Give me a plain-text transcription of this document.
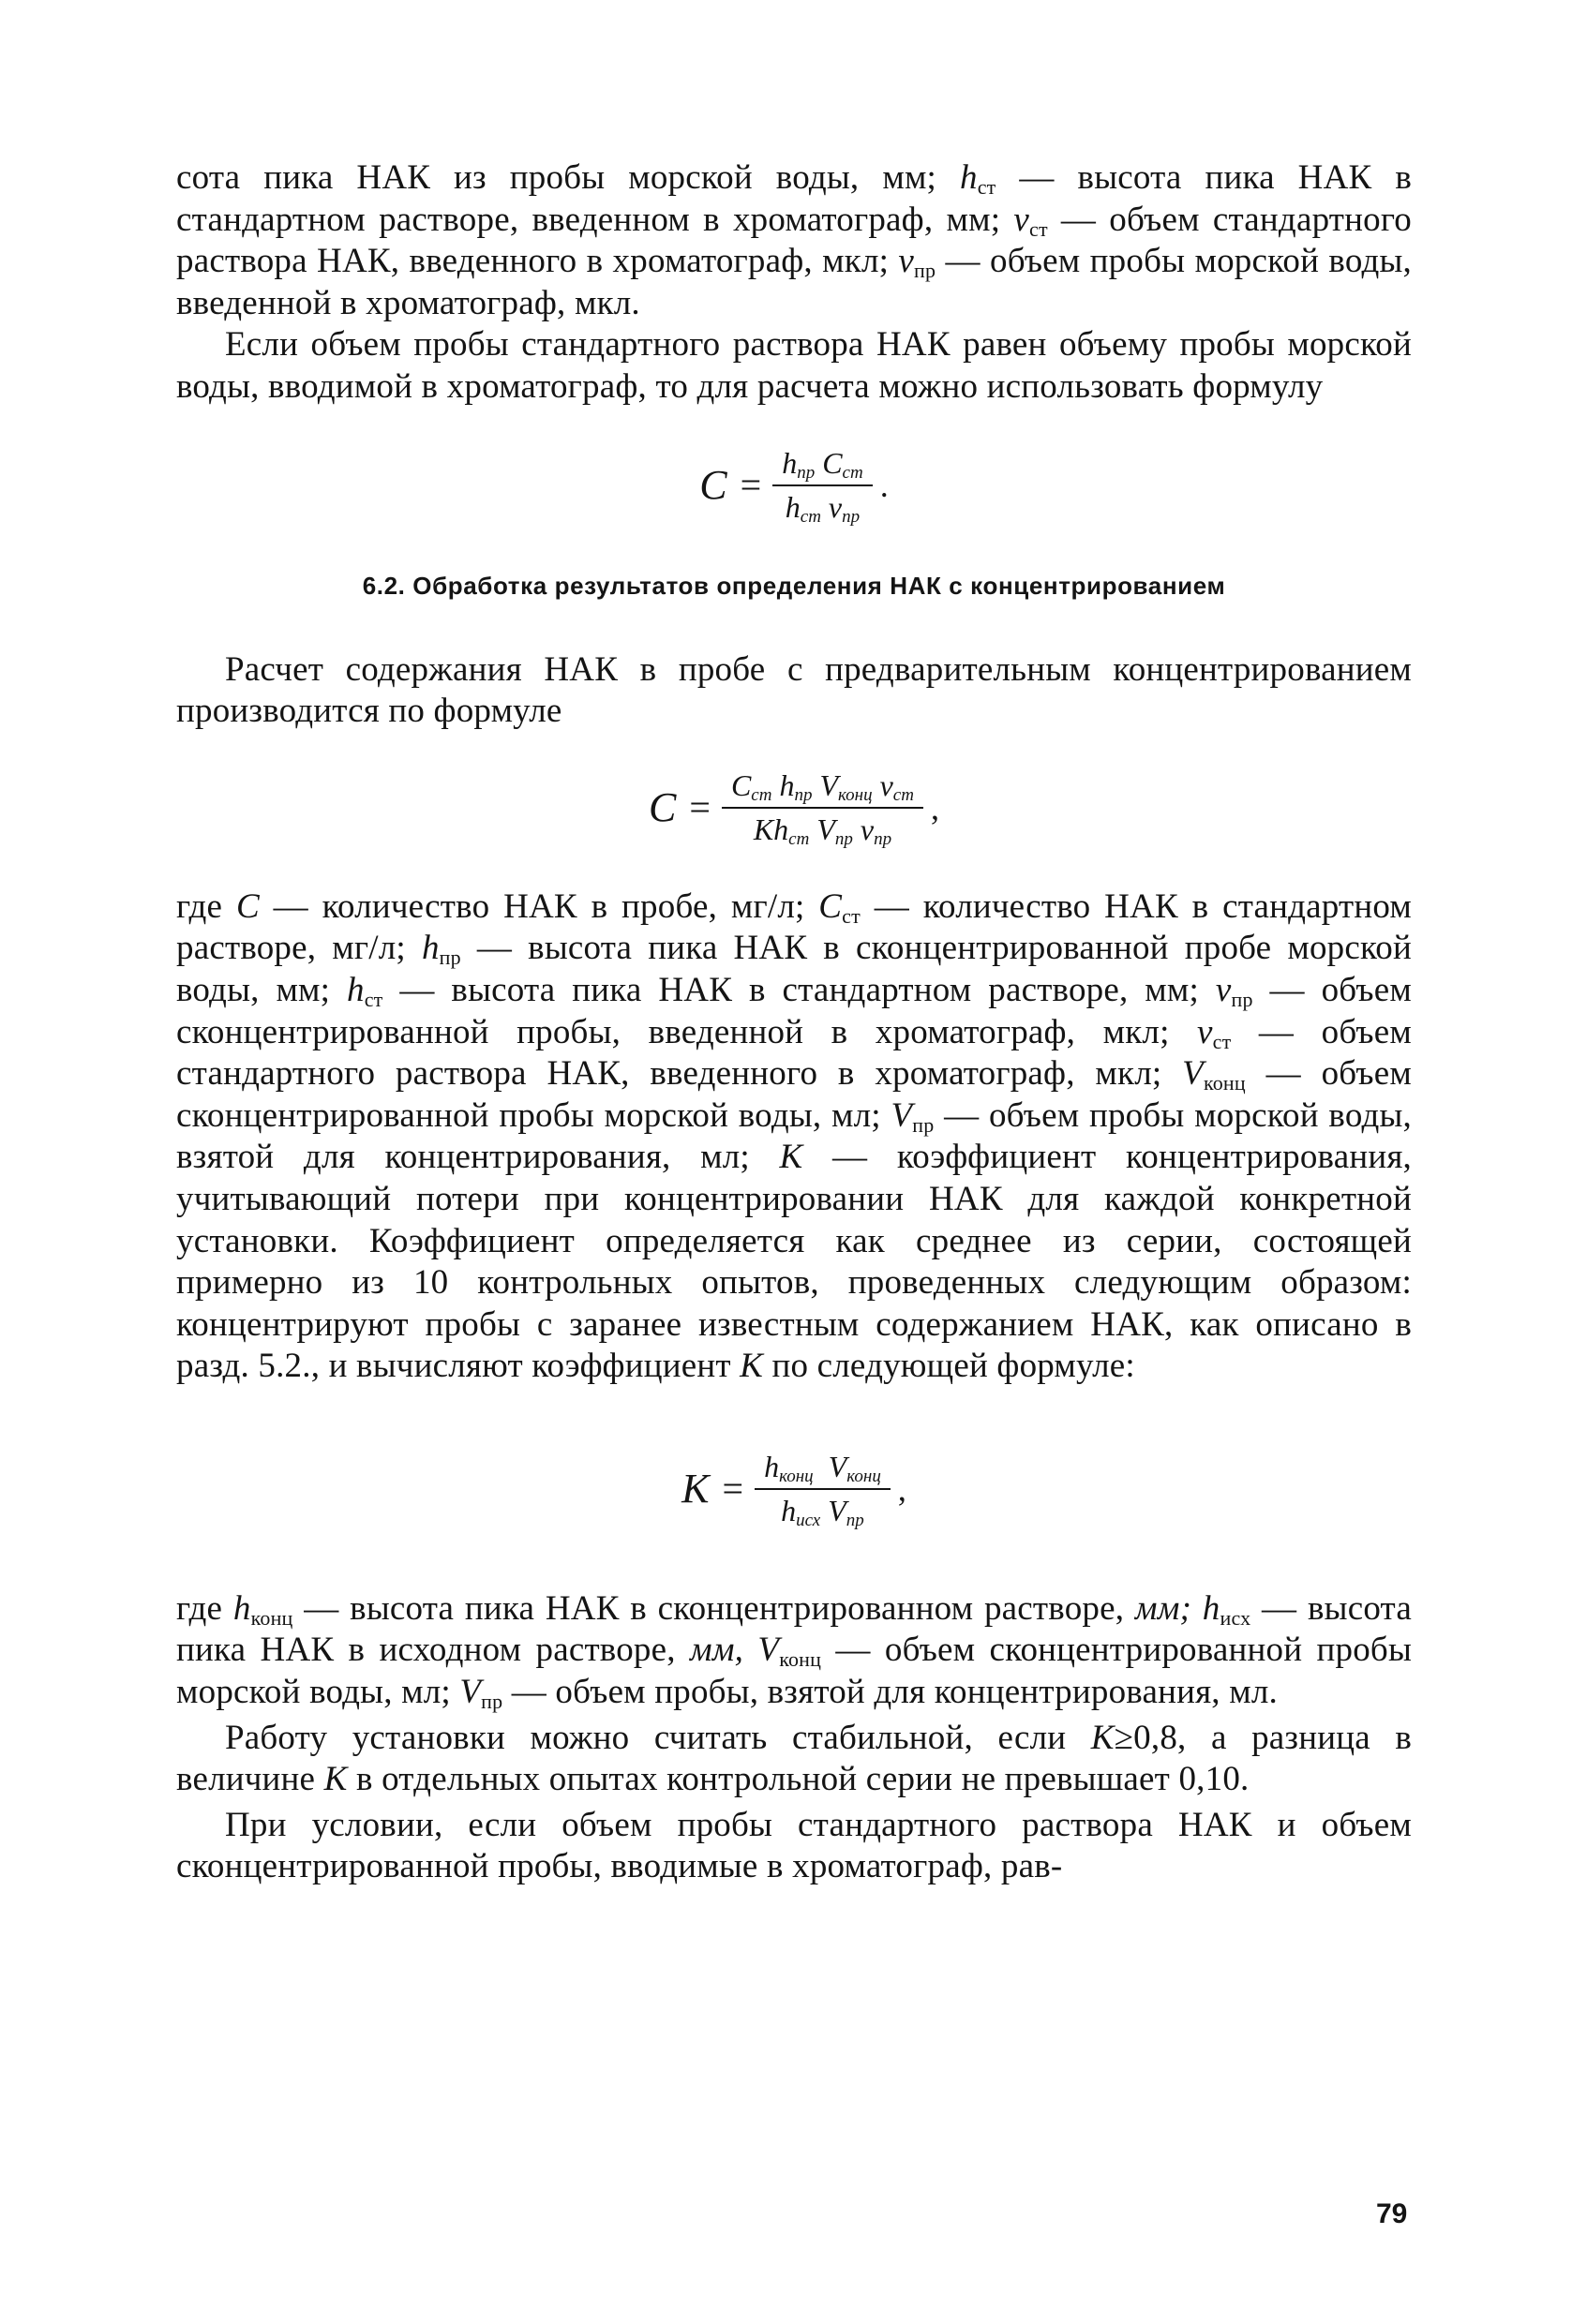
сота пика НАК из пробы морской воды, мм; $h_{ст}$ — высота пика НАК в стандартном растворе, введенном в хроматограф, мм; $v_{ст}$ — объем стандартного раствора НАК, введенного в хроматограф, мкл; $v_{пр}$ — объем пробы морской воды, введенной в хроматограф, мкл.

Если объем пробы стандартного раствора НАК равен объему пробы морской воды, вводимой в хроматограф, то для расчета можно использовать формулу

$C = \frac{h_{пр} C_{ст}}{h_{ст} v_{пр}}$ .

6.2. Обработка результатов определения НАК с концентрированием

Расчет содержания НАК в пробе с предварительным концентрированием производится по формуле

$C = \frac{C_{ст} h_{пр} V_{конц} v_{ст}}{Kh_{ст} V_{пр} v_{пр}}$ ,

где C — количество НАК в пробе, мг/л; $C_{ст}$ — количество НАК в стандартном растворе, мг/л; $h_{пр}$ — высота пика НАК в сконцентрированной пробе морской воды, мм; $h_{ст}$ — высота пика НАК в стандартном растворе, мм; $v_{пр}$ — объем сконцентрированной пробы, введенной в хроматограф, мкл; $v_{ст}$ — объем стандартного раствора НАК, введенного в хроматограф, мкл; $V_{конц}$ — объем сконцентрированной пробы морской воды, мл; $V_{пр}$ — объем пробы морской воды, взятой для концентрирования, мл; K — коэффициент концентрирования, учитывающий потери при концентрировании НАК для каждой конкретной установки. Коэффициент определяется как среднее из серии, состоящей примерно из 10 контрольных опытов, проведенных следующим образом: концентрируют пробы с заранее известным содержанием НАК, как описано в разд. 5.2., и вычисляют коэффициент K по следующей формуле:

$K = \frac{h_{конц} V_{конц}}{h_{исх} V_{пр}}$ ,

где $h_{конц}$ — высота пика НАК в сконцентрированном растворе, мм; $h_{исх}$ — высота пика НАК в исходном растворе, мм, $V_{конц}$ — объем сконцентрированной пробы морской воды, мл; $V_{пр}$ — объем пробы, взятой для концентрирования, мл.

Работу установки можно считать стабильной, если K≥0,8, а разница в величине K в отдельных опытах контрольной серии не превышает 0,10.

При условии, если объем пробы стандартного раствора НАК и объем сконцентрированной пробы, вводимые в хроматограф, рав-

79
